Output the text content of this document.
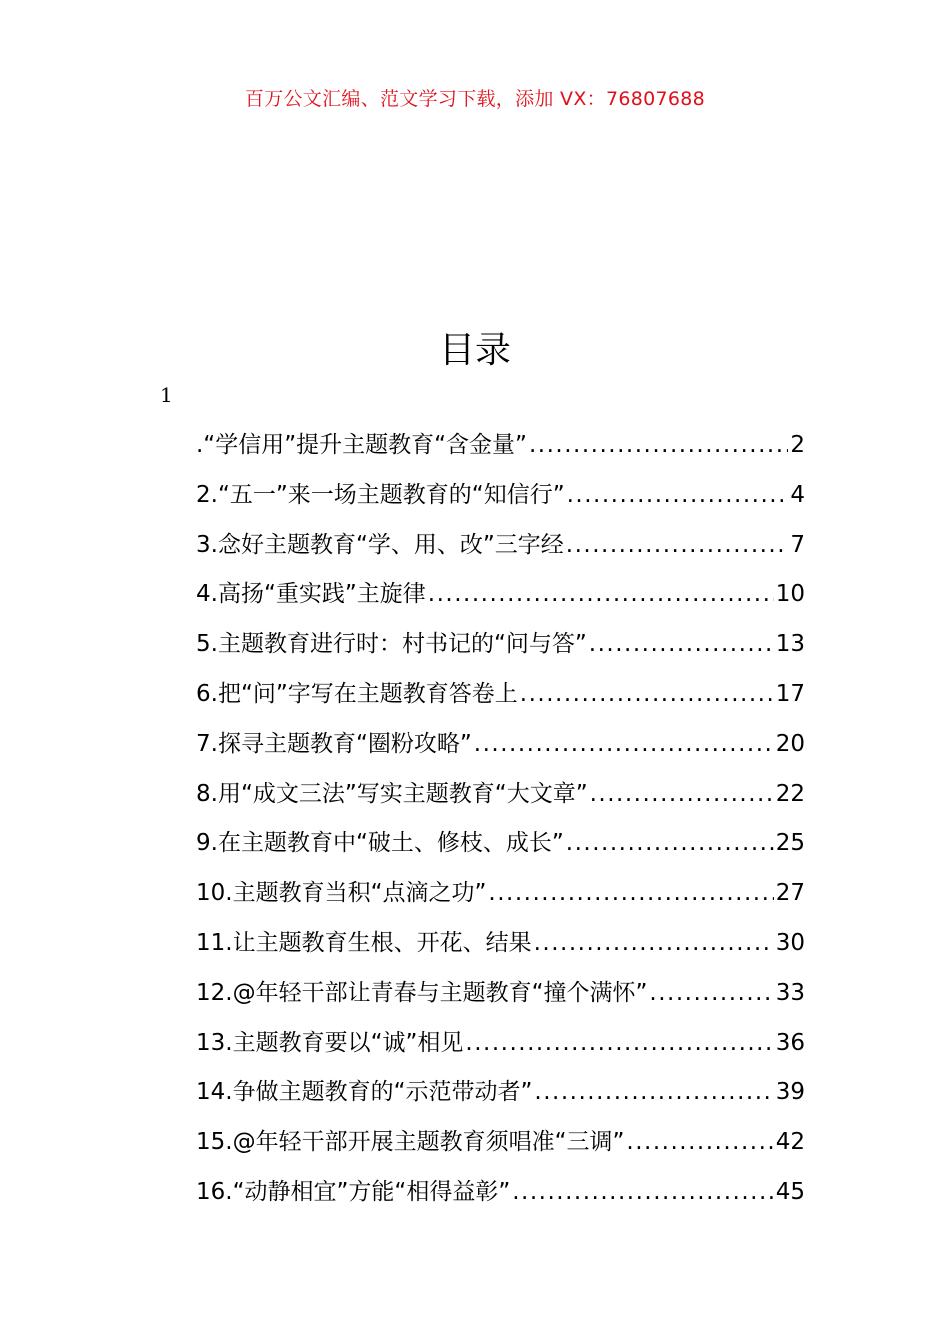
百万公文汇编、范文学习下载，添加 VX：76807688
目录
1
.“学信用”提升主题教育“含金量” .....	2
2.“五一”来一场主题教育的“知信行” .....	4
3.念好主题教育“学、用、改”三字经 .....	7
4.高扬“重实践”主旋律 .....	10
5.主题教育进行时：村书记的“问与答” .....	13
6.把“问”字写在主题教育答卷上 .....	17
7.探寻主题教育“圈粉攻略” .....	20
8.用“成文三法”写实主题教育“大文章” .....	22
9.在主题教育中“破土、修枝、成长” .....	25
10.主题教育当积“点滴之功” .....	27
11.让主题教育生根、开花、结果 .....	30
12.@年轻干部让青春与主题教育“撞个满怀” .....	33
13.主题教育要以“诚”相见 .....	36
14.争做主题教育的“示范带动者” .....	39
15.@年轻干部开展主题教育须唱准“三调” .....	42
16.“动静相宜”方能“相得益彰” .....	45
